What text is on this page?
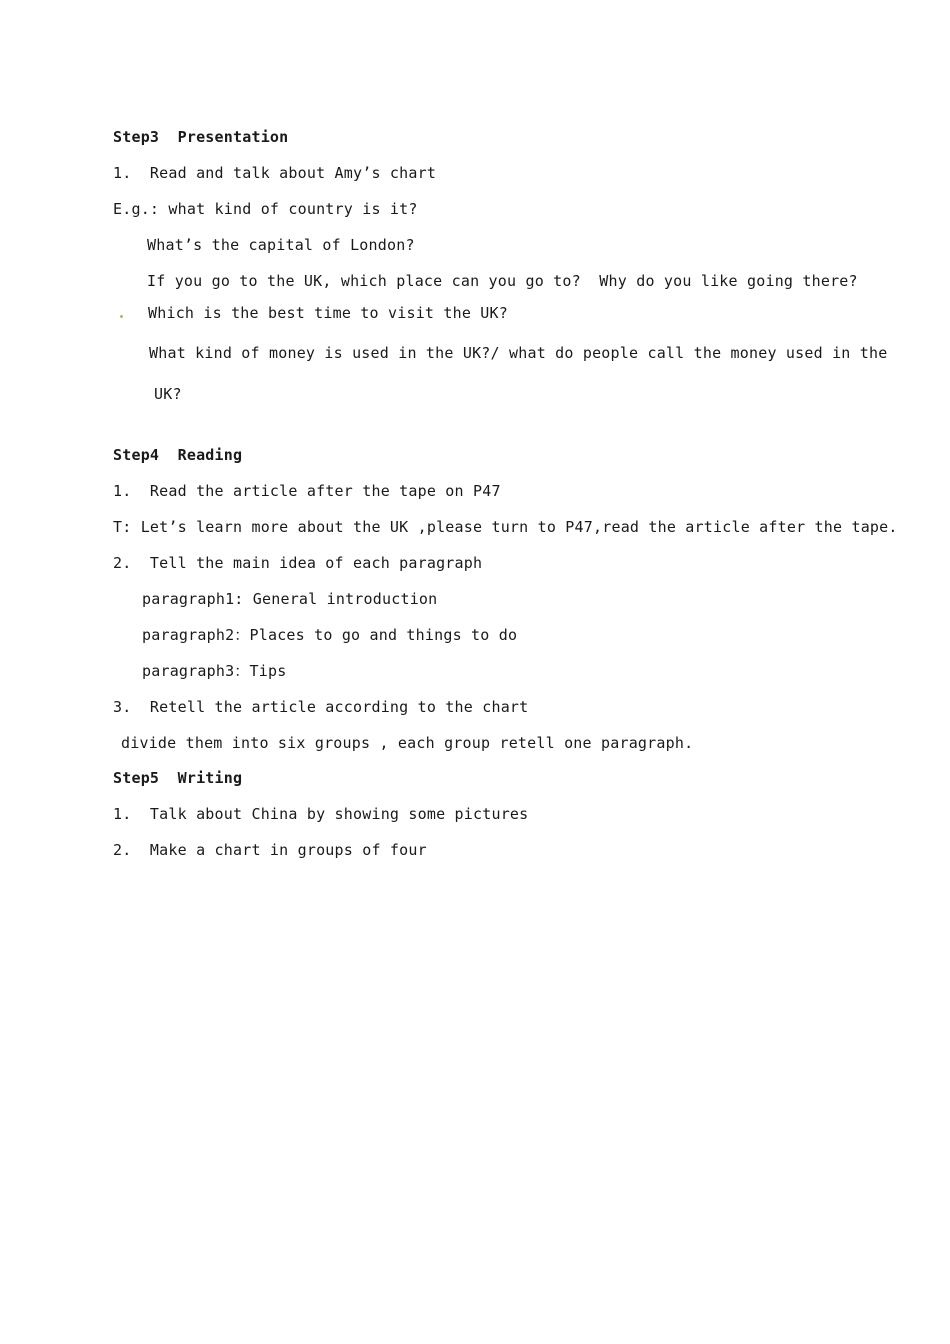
Step3  Presentation
1.  Read and talk about Amy’s chart
E.g.: what kind of country is it?
What’s the capital of London?
If you go to the UK, which place can you go to?  Why do you like going there?
Which is the best time to visit the UK?
What kind of money is used in the UK?/ what do people call the money used in the
UK?
Step4  Reading
1.  Read the article after the tape on P47
T: Let’s learn more about the UK ,please turn to P47,read the article after the tape.
2.  Tell the main idea of each paragraph
paragraph1: General introduction
paragraph2：Places to go and things to do
paragraph3：Tips
3.  Retell the article according to the chart
divide them into six groups , each group retell one paragraph.
Step5  Writing
1.  Talk about China by showing some pictures
2.  Make a chart in groups of four
